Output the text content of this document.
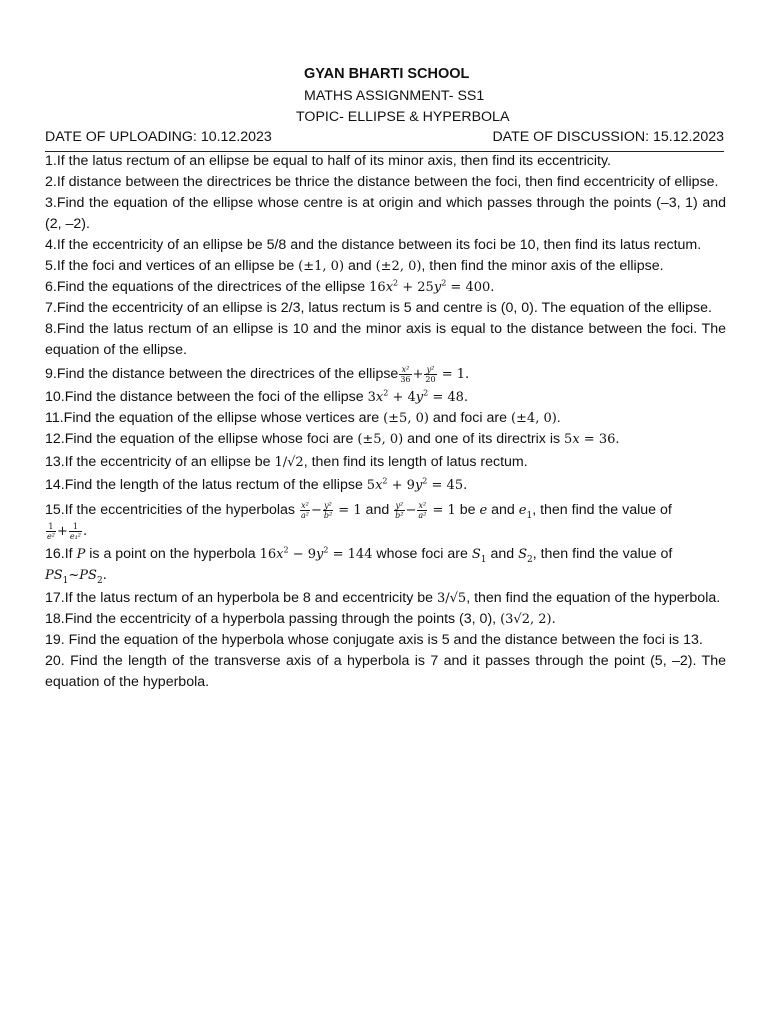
GYAN BHARTI SCHOOL
MATHS ASSIGNMENT- SS1
TOPIC- ELLIPSE & HYPERBOLA
DATE OF UPLOADING: 10.12.2023	DATE OF DISCUSSION: 15.12.2023

1.If the latus rectum of an ellipse be equal to half of its minor axis, then find its eccentricity.

2.If distance between the directrices be thrice the distance between the foci, then find eccentricity of ellipse.

3.Find the equation of the ellipse whose centre is at origin and which passes through the points (–3, 1) and (2, –2).

4.If the eccentricity of an ellipse be 5/8 and the distance between its foci be 10, then find its latus rectum.

5.If the foci and vertices of an ellipse be (±1, 0) and (±2, 0), then find the minor axis of the ellipse.

6.Find the equations of the directrices of the ellipse $16x^2 + 25y^2 = 400$.

7.Find the eccentricity of an ellipse is 2/3, latus rectum is 5 and centre is (0, 0). The equation of the ellipse.

8.Find the latus rectum of an ellipse is 10 and the minor axis is equal to the distance between the foci. The equation of the ellipse.

9.Find the distance between the directrices of the ellipse $\frac{\text{x²}}{36} + \frac{\text{y²}}{20} = 1$.

10.Find the distance between the foci of the ellipse $3x^2 + 4y^2 = 48$.

11.Find the equation of the ellipse whose vertices are (±5, 0) and foci are (±4, 0).

12.Find the equation of the ellipse whose foci are (±5, 0) and one of its directrix is 5x = 36.

13.If the eccentricity of an ellipse be 1/√2, then find its length of latus rectum.

14.Find the length of the latus rectum of the ellipse $5x^2 + 9y^2 = 45$.

15.If the eccentricities of the hyperbolas $\frac{\text{x²}}{\text{a²}} - \frac{\text{y²}}{\text{b²}} = 1$ and $\frac{\text{y²}}{\text{b²}} - \frac{\text{x²}}{\text{a²}} = 1$ be e and $e_1$, then find the value of

$\frac{1}{\text{e²}} + \frac{1}{\text{e₁²}}$ .

16.If P is a point on the hyperbola $16x^2 - 9y^2 = 144$ whose foci are $S_1$ and $S_2$, then find the value of
$PS_1\sim PS_2$.

17.If the latus rectum of an hyperbola be 8 and eccentricity be 3/√5, then find the equation of the hyperbola.

18.Find the eccentricity of a hyperbola passing through the points (3, 0), (3√2, 2).

19. Find the equation of the hyperbola whose conjugate axis is 5 and the distance between the foci is 13.

20. Find the length of the transverse axis of a hyperbola is 7 and it passes through the point (5, –2). The equation of the hyperbola.
